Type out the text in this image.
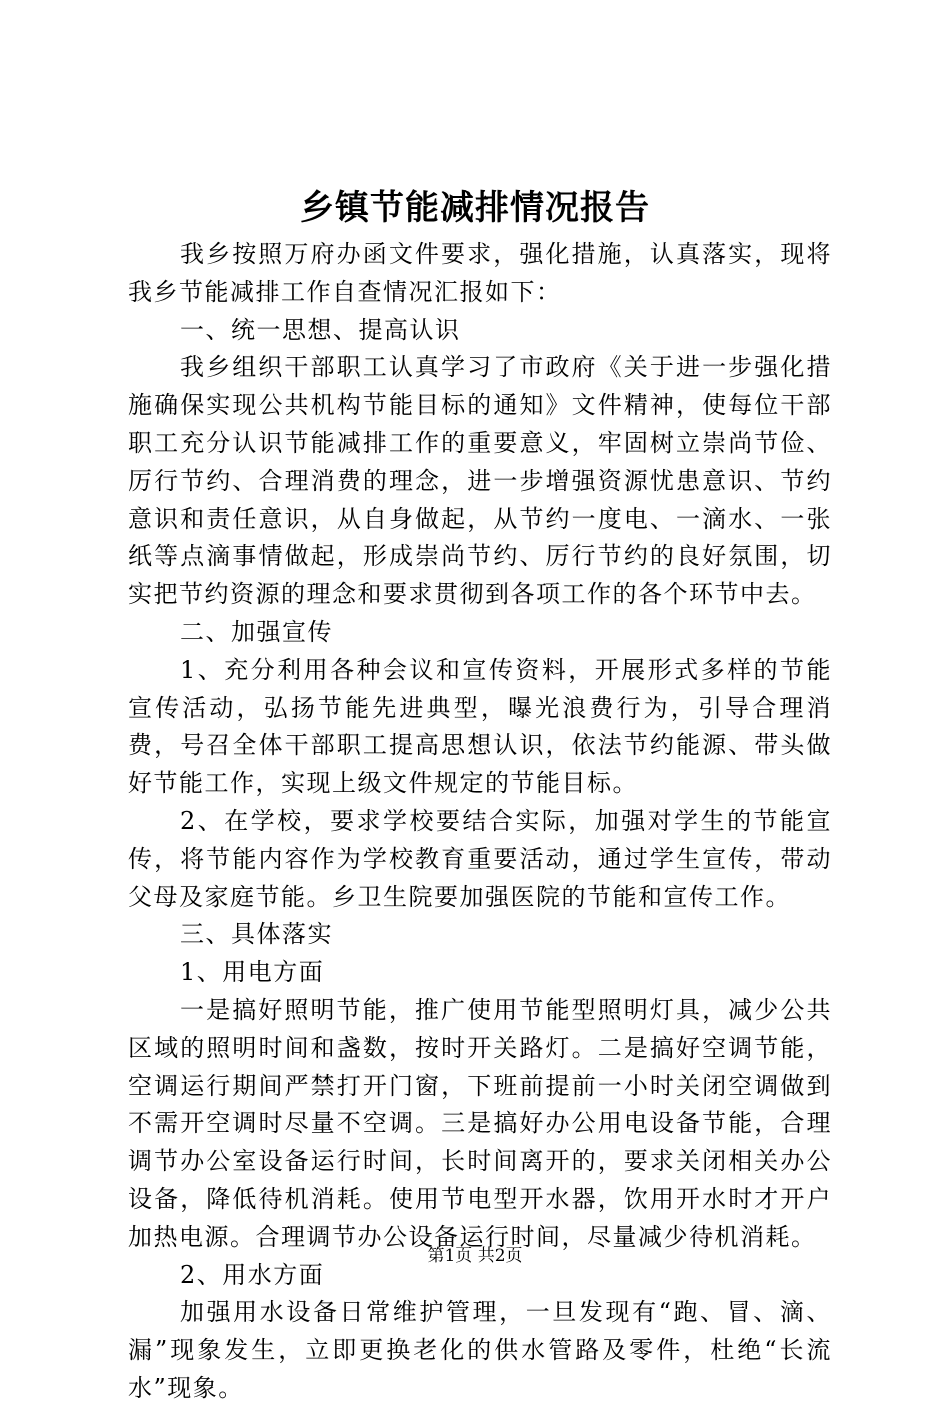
乡镇节能减排情况报告

我乡按照万府办函文件要求，强化措施，认真落实，现将我乡节能减排工作自查情况汇报如下：

一、统一思想、提高认识

我乡组织干部职工认真学习了市政府《关于进一步强化措施确保实现公共机构节能目标的通知》文件精神，使每位干部职工充分认识节能减排工作的重要意义，牢固树立崇尚节俭、厉行节约、合理消费的理念，进一步增强资源忧患意识、节约意识和责任意识，从自身做起，从节约一度电、一滴水、一张纸等点滴事情做起，形成崇尚节约、厉行节约的良好氛围，切实把节约资源的理念和要求贯彻到各项工作的各个环节中去。

二、加强宣传

1、充分利用各种会议和宣传资料，开展形式多样的节能宣传活动，弘扬节能先进典型，曝光浪费行为，引导合理消费，号召全体干部职工提高思想认识，依法节约能源、带头做好节能工作，实现上级文件规定的节能目标。

2、在学校，要求学校要结合实际，加强对学生的节能宣传，将节能内容作为学校教育重要活动，通过学生宣传，带动父母及家庭节能。乡卫生院要加强医院的节能和宣传工作。

三、具体落实

1、用电方面

一是搞好照明节能，推广使用节能型照明灯具，减少公共区域的照明时间和盏数，按时开关路灯。二是搞好空调节能，空调运行期间严禁打开门窗，下班前提前一小时关闭空调做到不需开空调时尽量不空调。三是搞好办公用电设备节能，合理调节办公室设备运行时间，长时间离开的，要求关闭相关办公设备，降低待机消耗。使用节电型开水器，饮用开水时才开户加热电源。合理调节办公设备运行时间，尽量减少待机消耗。

2、用水方面

加强用水设备日常维护管理，一旦发现有“跑、冒、滴、漏”现象发生，立即更换老化的供水管路及零件，杜绝“长流水”现象。

第1页 共2页
